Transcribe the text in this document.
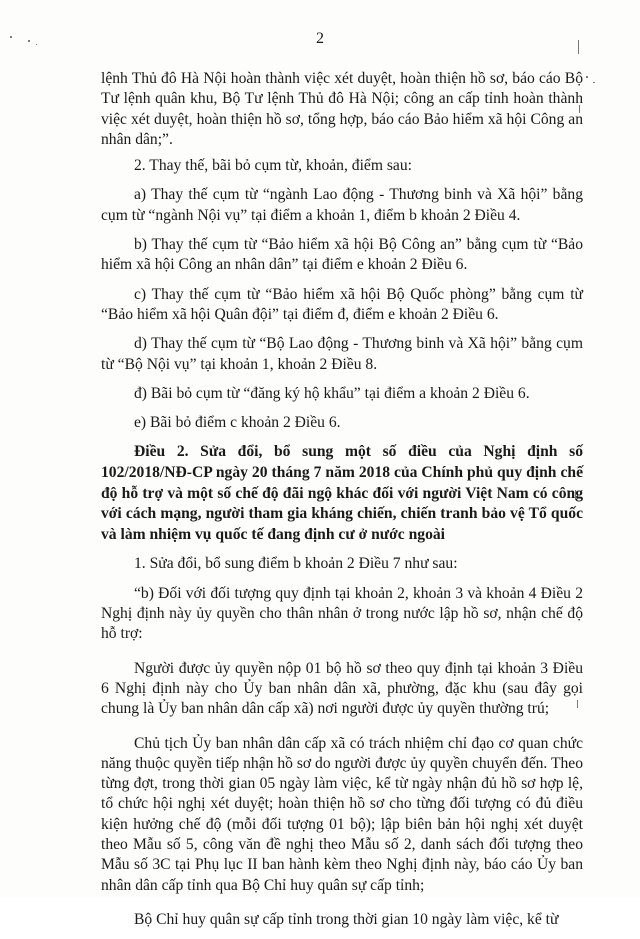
2

lệnh Thủ đô Hà Nội hoàn thành việc xét duyệt, hoàn thiện hồ sơ, báo cáo Bộ Tư lệnh quân khu, Bộ Tư lệnh Thủ đô Hà Nội; công an cấp tỉnh hoàn thành việc xét duyệt, hoàn thiện hồ sơ, tổng hợp, báo cáo Bảo hiểm xã hội Công an nhân dân;”.

2. Thay thế, bãi bỏ cụm từ, khoản, điểm sau:

a) Thay thế cụm từ “ngành Lao động - Thương binh và Xã hội” bằng cụm từ “ngành Nội vụ” tại điểm a khoản 1, điểm b khoản 2 Điều 4.

b) Thay thế cụm từ “Bảo hiểm xã hội Bộ Công an” bằng cụm từ “Bảo hiểm xã hội Công an nhân dân” tại điểm e khoản 2 Điều 6.

c) Thay thế cụm từ “Bảo hiểm xã hội Bộ Quốc phòng” bằng cụm từ “Bảo hiểm xã hội Quân đội” tại điểm đ, điểm e khoản 2 Điều 6.

d) Thay thế cụm từ “Bộ Lao động - Thương binh và Xã hội” bằng cụm từ “Bộ Nội vụ” tại khoản 1, khoản 2 Điều 8.

đ) Bãi bỏ cụm từ “đăng ký hộ khẩu” tại điểm a khoản 2 Điều 6.

e) Bãi bỏ điểm c khoản 2 Điều 6.

Điều 2. Sửa đổi, bổ sung một số điều của Nghị định số 102/2018/NĐ-CP ngày 20 tháng 7 năm 2018 của Chính phủ quy định chế độ hỗ trợ và một số chế độ đãi ngộ khác đối với người Việt Nam có công với cách mạng, người tham gia kháng chiến, chiến tranh bảo vệ Tổ quốc và làm nhiệm vụ quốc tế đang định cư ở nước ngoài

1. Sửa đổi, bổ sung điểm b khoản 2 Điều 7 như sau:

“b) Đối với đối tượng quy định tại khoản 2, khoản 3 và khoản 4 Điều 2 Nghị định này ủy quyền cho thân nhân ở trong nước lập hồ sơ, nhận chế độ hỗ trợ:

Người được ủy quyền nộp 01 bộ hồ sơ theo quy định tại khoản 3 Điều 6 Nghị định này cho Ủy ban nhân dân xã, phường, đặc khu (sau đây gọi chung là Ủy ban nhân dân cấp xã) nơi người được ủy quyền thường trú;

Chủ tịch Ủy ban nhân dân cấp xã có trách nhiệm chỉ đạo cơ quan chức năng thuộc quyền tiếp nhận hồ sơ do người được ủy quyền chuyển đến. Theo từng đợt, trong thời gian 05 ngày làm việc, kể từ ngày nhận đủ hồ sơ hợp lệ, tổ chức hội nghị xét duyệt; hoàn thiện hồ sơ cho từng đối tượng có đủ điều kiện hưởng chế độ (mỗi đối tượng 01 bộ); lập biên bản hội nghị xét duyệt theo Mẫu số 5, công văn đề nghị theo Mẫu số 2, danh sách đối tượng theo Mẫu số 3C tại Phụ lục II ban hành kèm theo Nghị định này, báo cáo Ủy ban nhân dân cấp tỉnh qua Bộ Chỉ huy quân sự cấp tỉnh;

Bộ Chỉ huy quân sự cấp tỉnh trong thời gian 10 ngày làm việc, kể từ
